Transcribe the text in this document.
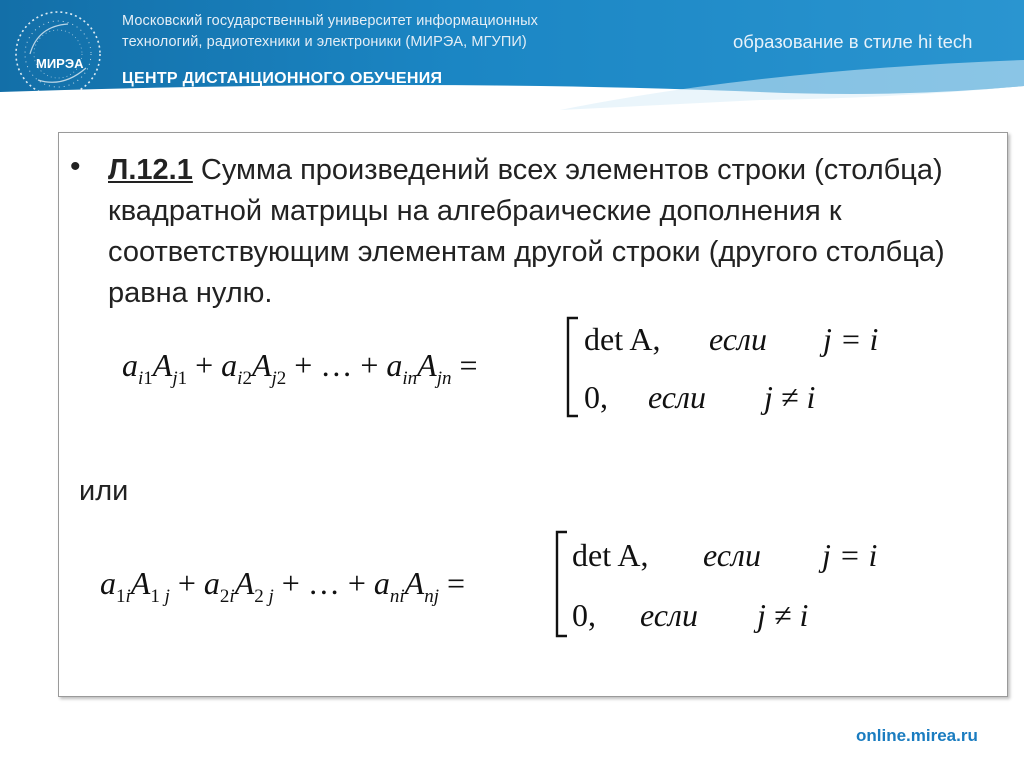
МИРЭА
Московский государственный университет информационных
технологий, радиотехники и электроники (МИРЭА, МГУПИ)
ЦЕНТР ДИСТАНЦИОННОГО ОБУЧЕНИЯ
образование в стиле hi tech
• Л.12.1 Сумма произведений всех элементов строки (столбца) квадратной матрицы на алгебраические дополнения к соответствующим элементам другой строки (другого столбца) равна нулю.
$a_i1A_j1 + a_i2A_j2$ + … + $a_{in}A_{jn}$ =
det A, если j = i
0, если j ≠ i
$a_1iA_1$ $j + a_2iA_2$ j + … + $a_{ni}A_{nj}$ =
det A, если j = i
0, если j ≠ i
или
online.mirea.ru
